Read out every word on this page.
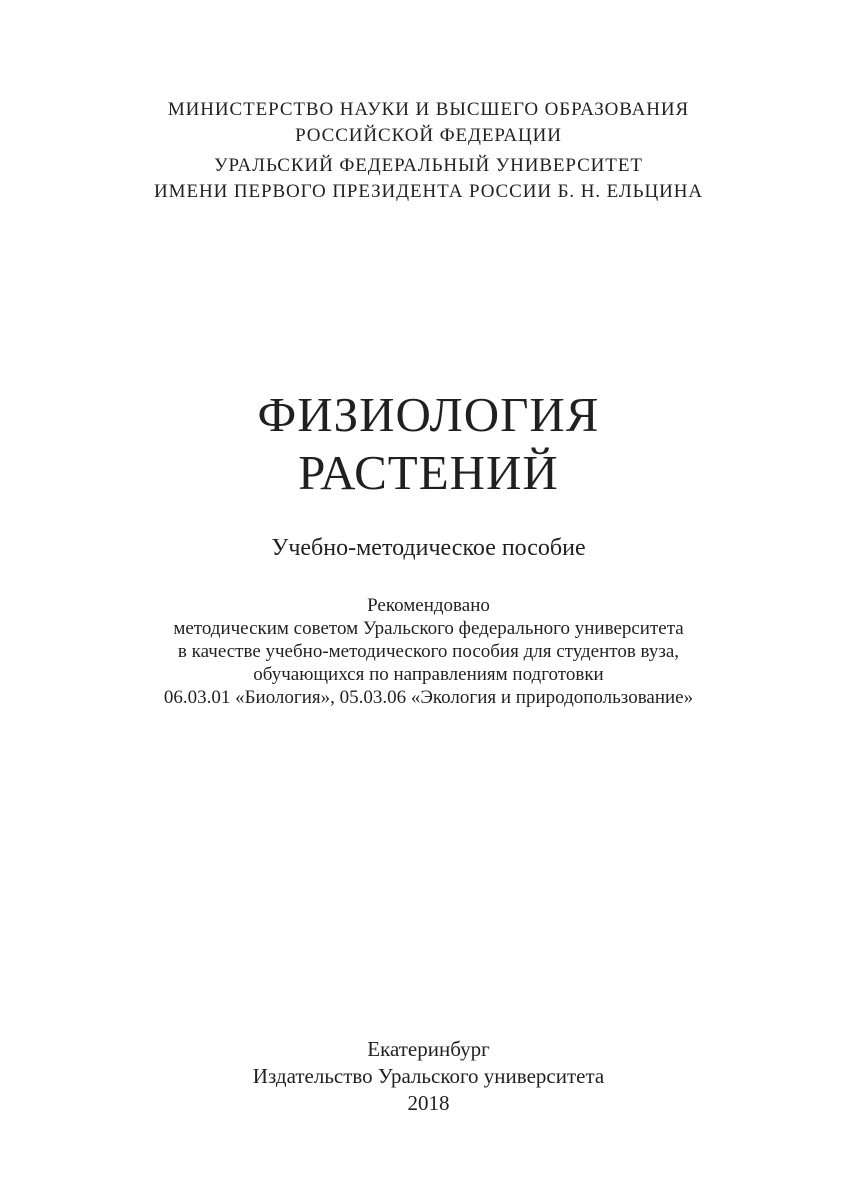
МИНИСТЕРСТВО НАУКИ И ВЫСШЕГО ОБРАЗОВАНИЯ
РОССИЙСКОЙ ФЕДЕРАЦИИ
УРАЛЬСКИЙ ФЕДЕРАЛЬНЫЙ УНИВЕРСИТЕТ
ИМЕНИ ПЕРВОГО ПРЕЗИДЕНТА РОССИИ Б. Н. ЕЛЬЦИНА
ФИЗИОЛОГИЯ
РАСТЕНИЙ
Учебно-методическое пособие
Рекомендовано
методическим советом Уральского федерального университета
в качестве учебно-методического пособия для студентов вуза,
обучающихся по направлениям подготовки
06.03.01 «Биология», 05.03.06 «Экология и природопользование»
Екатеринбург
Издательство Уральского университета
2018
